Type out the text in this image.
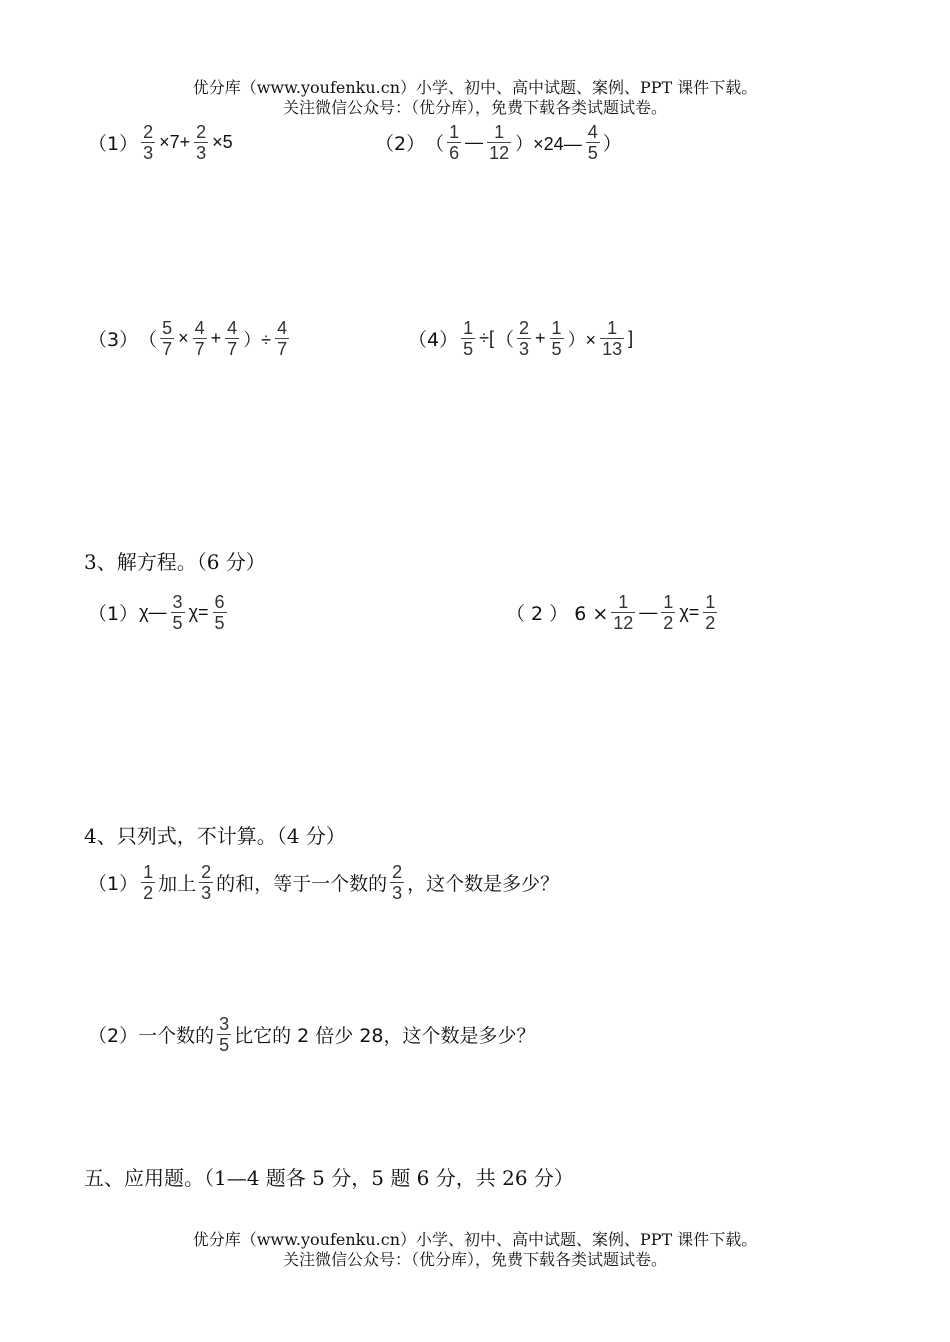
优分库（www.youfenku.cn）小学、初中、高中试题、案例、PPT 课件下载。
关注微信公众号：（优分库），免费下载各类试题试卷。
$(1) \frac{2}{3} \times 7+ \frac{2}{3} \times 5$	（2） （ $\frac{1}{6}$ — $\frac{1}{12}$ ）×24— $\frac{4}{5}$ ）
（3） （ $\frac{5}{7} \times \frac{4}{7} + \frac{4}{7}$ ）÷ $\frac{4}{7}$	$(4) \frac{1}{5}$ ÷[ （ $\frac{2}{3} + \frac{1}{5}$ ）× $\frac{1}{13}$ ]
3、解方程。（6 分）
（1） χ— $\frac{3}{5} \chi= \frac{6}{5}$	（ 2 ） $6 \times \frac{1}{12}$ — $\frac{1}{2} \chi= \frac{1}{2}$
4、只列式，不计算。（4 分）
$(1) \frac{1}{2}$ 加上 $\frac{2}{3}$ 的和，等于一个数的 $\frac{2}{3}$ ，这个数是多少？
（2）一个数的 $\frac{3}{5}$ 比它的 2 倍少 28，这个数是多少？
五、应用题。（1—4 题各 5 分，5 题 6 分，共 26 分）
优分库（www.youfenku.cn）小学、初中、高中试题、案例、PPT 课件下载。
关注微信公众号：（优分库），免费下载各类试题试卷。
